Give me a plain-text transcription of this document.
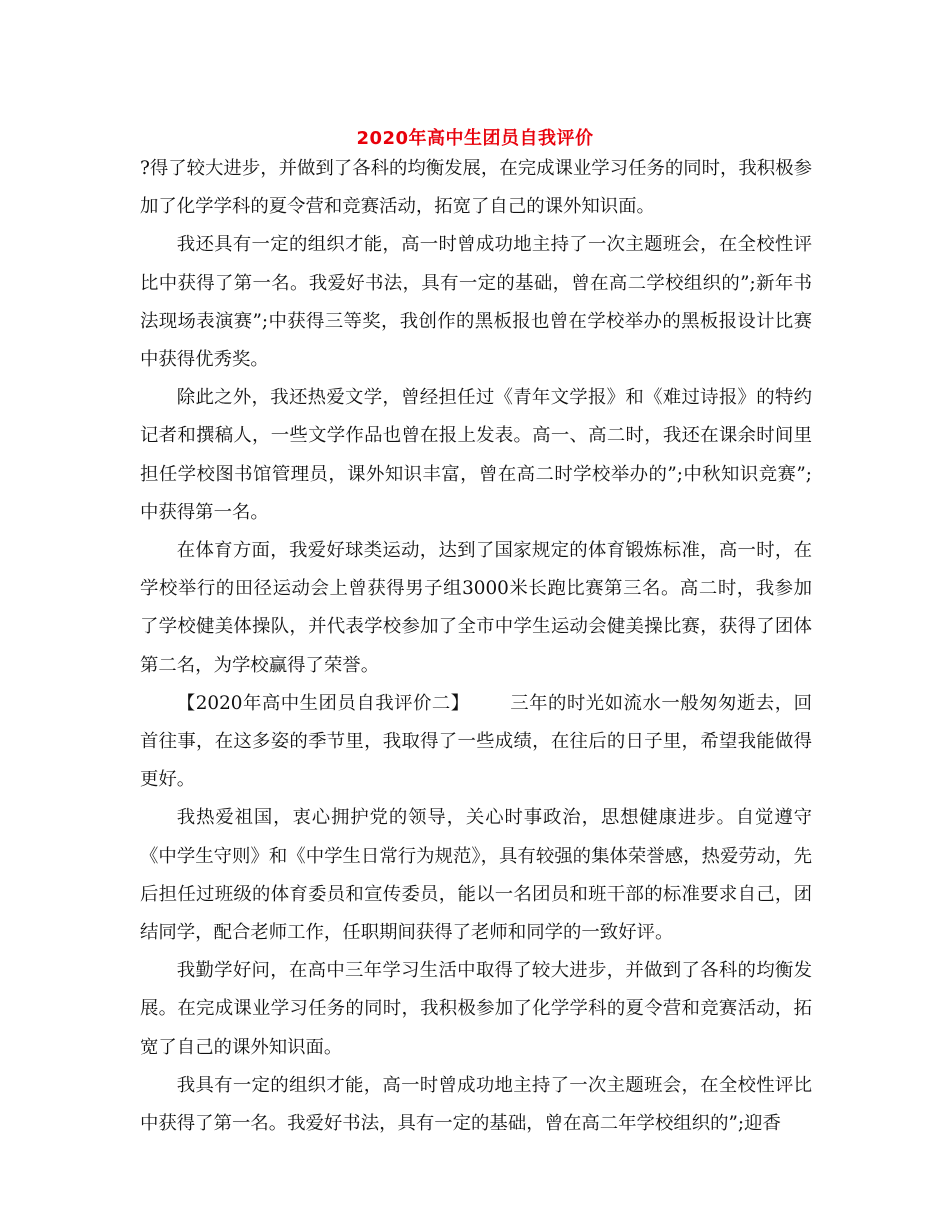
2020年高中生团员自我评价

?得了较大进步，并做到了各科的均衡发展，在完成课业学习任务的同时，我积极参加了化学学科的夏令营和竞赛活动，拓宽了自己的课外知识面。

我还具有一定的组织才能，高一时曾成功地主持了一次主题班会，在全校性评比中获得了第一名。我爱好书法，具有一定的基础，曾在高二学校组织的”;新年书法现场表演赛”;中获得三等奖，我创作的黑板报也曾在学校举办的黑板报设计比赛中获得优秀奖。

除此之外，我还热爱文学，曾经担任过《青年文学报》和《难过诗报》的特约记者和撰稿人，一些文学作品也曾在报上发表。高一、高二时，我还在课余时间里担任学校图书馆管理员，课外知识丰富，曾在高二时学校举办的”;中秋知识竞赛”;中获得第一名。

在体育方面，我爱好球类运动，达到了国家规定的体育锻炼标准，高一时，在学校举行的田径运动会上曾获得男子组3000米长跑比赛第三名。高二时，我参加了学校健美体操队，并代表学校参加了全市中学生运动会健美操比赛，获得了团体第二名，为学校赢得了荣誉。

【2020年高中生团员自我评价二】 三年的时光如流水一般匆匆逝去，回首往事，在这多姿的季节里，我取得了一些成绩，在往后的日子里，希望我能做得更好。

我热爱祖国，衷心拥护党的领导，关心时事政治，思想健康进步。自觉遵守《中学生守则》和《中学生日常行为规范》，具有较强的集体荣誉感，热爱劳动，先后担任过班级的体育委员和宣传委员，能以一名团员和班干部的标准要求自己，团结同学，配合老师工作，任职期间获得了老师和同学的一致好评。

我勤学好问，在高中三年学习生活中取得了较大进步，并做到了各科的均衡发展。在完成课业学习任务的同时，我积极参加了化学学科的夏令营和竞赛活动，拓宽了自己的课外知识面。

我具有一定的组织才能，高一时曾成功地主持了一次主题班会，在全校性评比中获得了第一名。我爱好书法，具有一定的基础，曾在高二年学校组织的”;迎香
